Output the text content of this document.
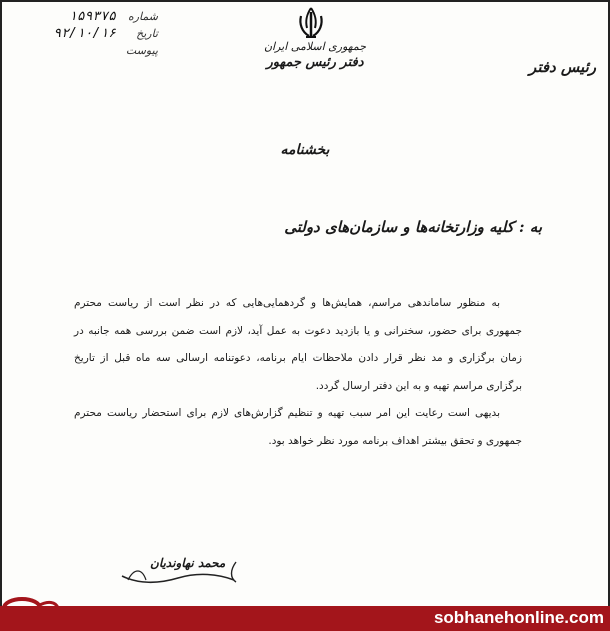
شماره
۱۵۹۳۷۵
تاریخ
۹۲/۱۰/۱۶
پیوست	جمهوری اسلامی ایران
دفتر رئیس جمهور	رئیس دفتر
بخشنامه
به : کلیه وزارتخانه‌ها و سازمان‌های دولتی

به منظور ساماندهی مراسم، همایش‌ها و گردهمایی‌هایی که در نظر است از ریاست محترم جمهوری برای حضور، سخنرانی و یا بازدید دعوت به عمل آید، لازم است ضمن بررسی همه جانبه در زمان برگزاری و مد نظر قرار دادن ملاحظات ایام برنامه، دعوتنامه ارسالی سه ماه قبل از تاریخ برگزاری مراسم تهیه و به این دفتر ارسال گردد.

بدیهی است رعایت این امر سبب تهیه و تنظیم گزارش‌های لازم برای استحضار ریاست محترم جمهوری و تحقق بیشتر اهداف برنامه مورد نظر خواهد بود.

محمد نهاوندیان
sobhanehonline.com
